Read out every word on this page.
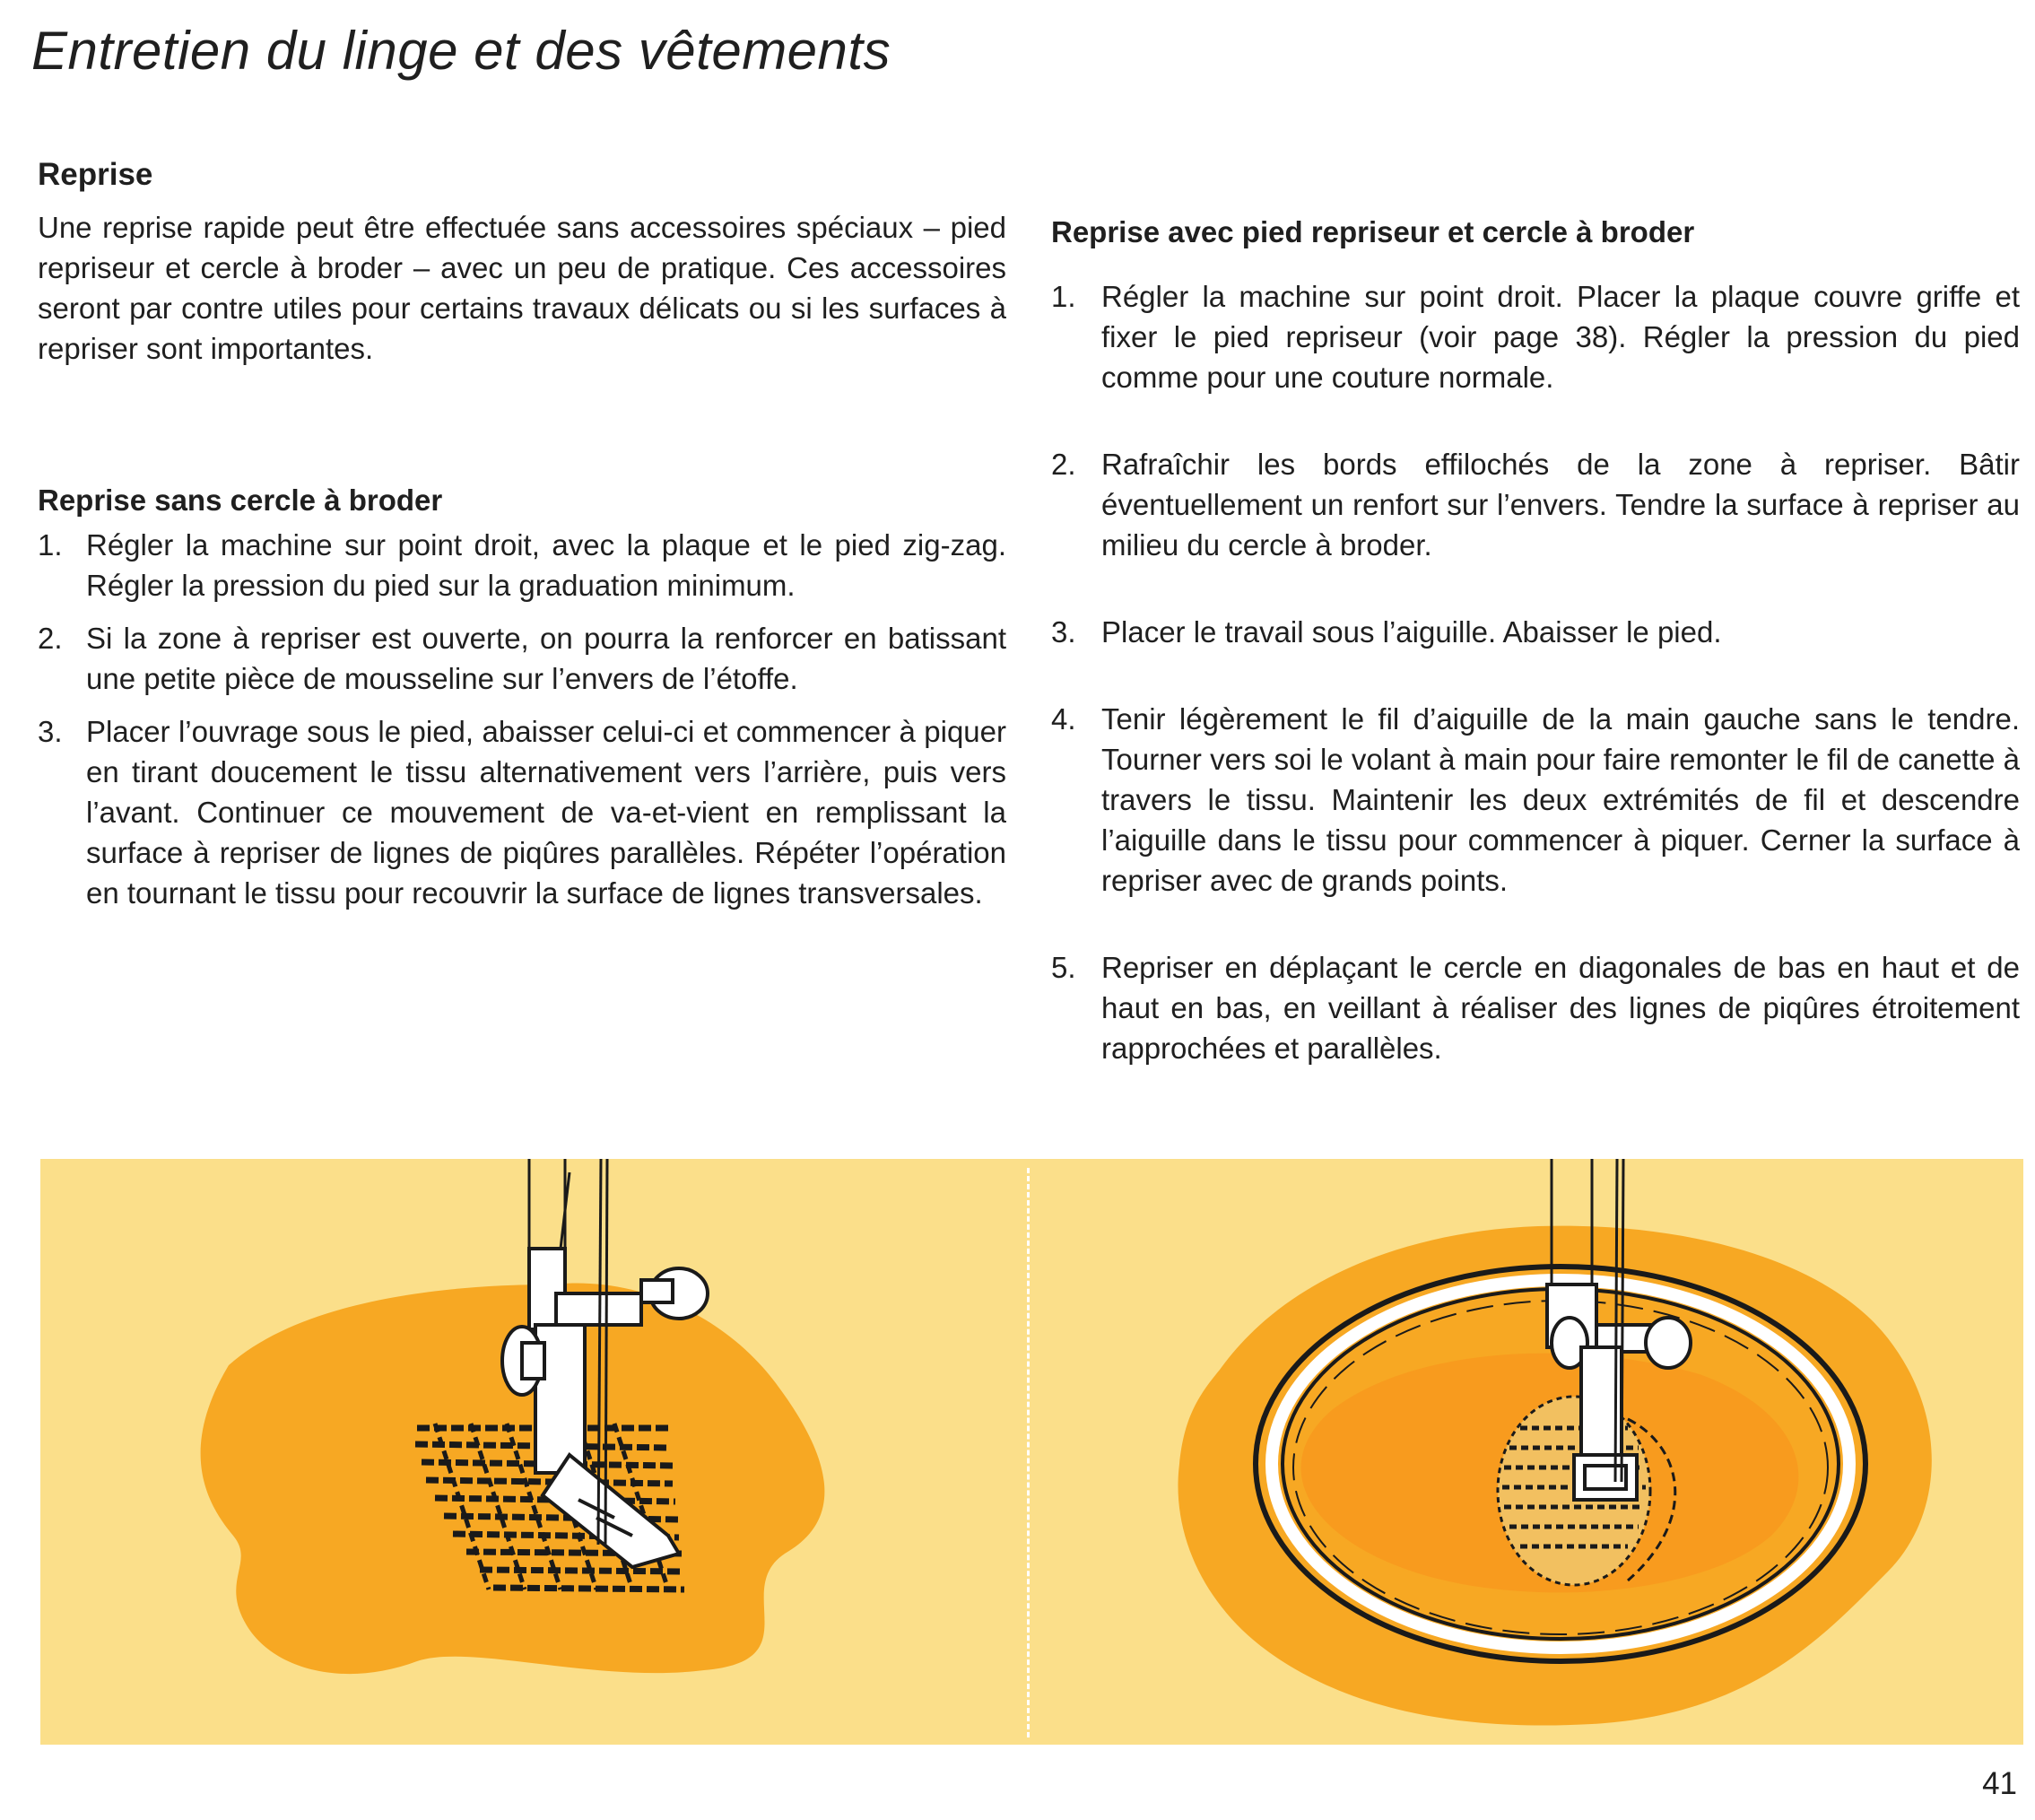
Entretien du linge et des vêtements
Reprise

Une reprise rapide peut être effectuée sans accessoires spéciaux – pied repriseur et cercle à broder – avec un peu de pratique. Ces accessoires seront par contre utiles pour certains travaux délicats ou si les surfaces à repriser sont importantes.

Reprise sans cercle à broder
1. Régler la machine sur point droit, avec la plaque et le pied zig-zag. Régler la pression du pied sur la graduation minimum.
2. Si la zone à repriser est ouverte, on pourra la renforcer en batissant une petite pièce de mousseline sur l’envers de l’étoffe.
3. Placer l’ouvrage sous le pied, abaisser celui-ci et commencer à piquer en tirant doucement le tissu alternativement vers l’arrière, puis vers l’avant. Continuer ce mouvement de va-et-vient en remplissant la surface à repriser de lignes de piqûres parallèles. Répéter l’opération en tournant le tissu pour recouvrir la surface de lignes transversales.
Reprise avec pied repriseur et cercle à broder
1. Régler la machine sur point droit. Placer la plaque couvre griffe et fixer le pied repriseur (voir page 38). Régler la pression du pied comme pour une couture normale.
2. Rafraîchir les bords effilochés de la zone à repriser. Bâtir éventuellement un renfort sur l’envers. Tendre la surface à repriser au milieu du cercle à broder.
3. Placer le travail sous l’aiguille. Abaisser le pied.
4. Tenir légèrement le fil d’aiguille de la main gauche sans le tendre. Tourner vers soi le volant à main pour faire remonter le fil de canette à travers le tissu. Maintenir les deux extrémités de fil et descendre l’aiguille dans le tissu pour commencer à piquer. Cerner la surface à repriser avec de grands points.
5. Repriser en déplaçant le cercle en diagonales de bas en haut et de haut en bas, en veillant à réaliser des lignes de piqûres étroitement rapprochées et parallèles.
41
